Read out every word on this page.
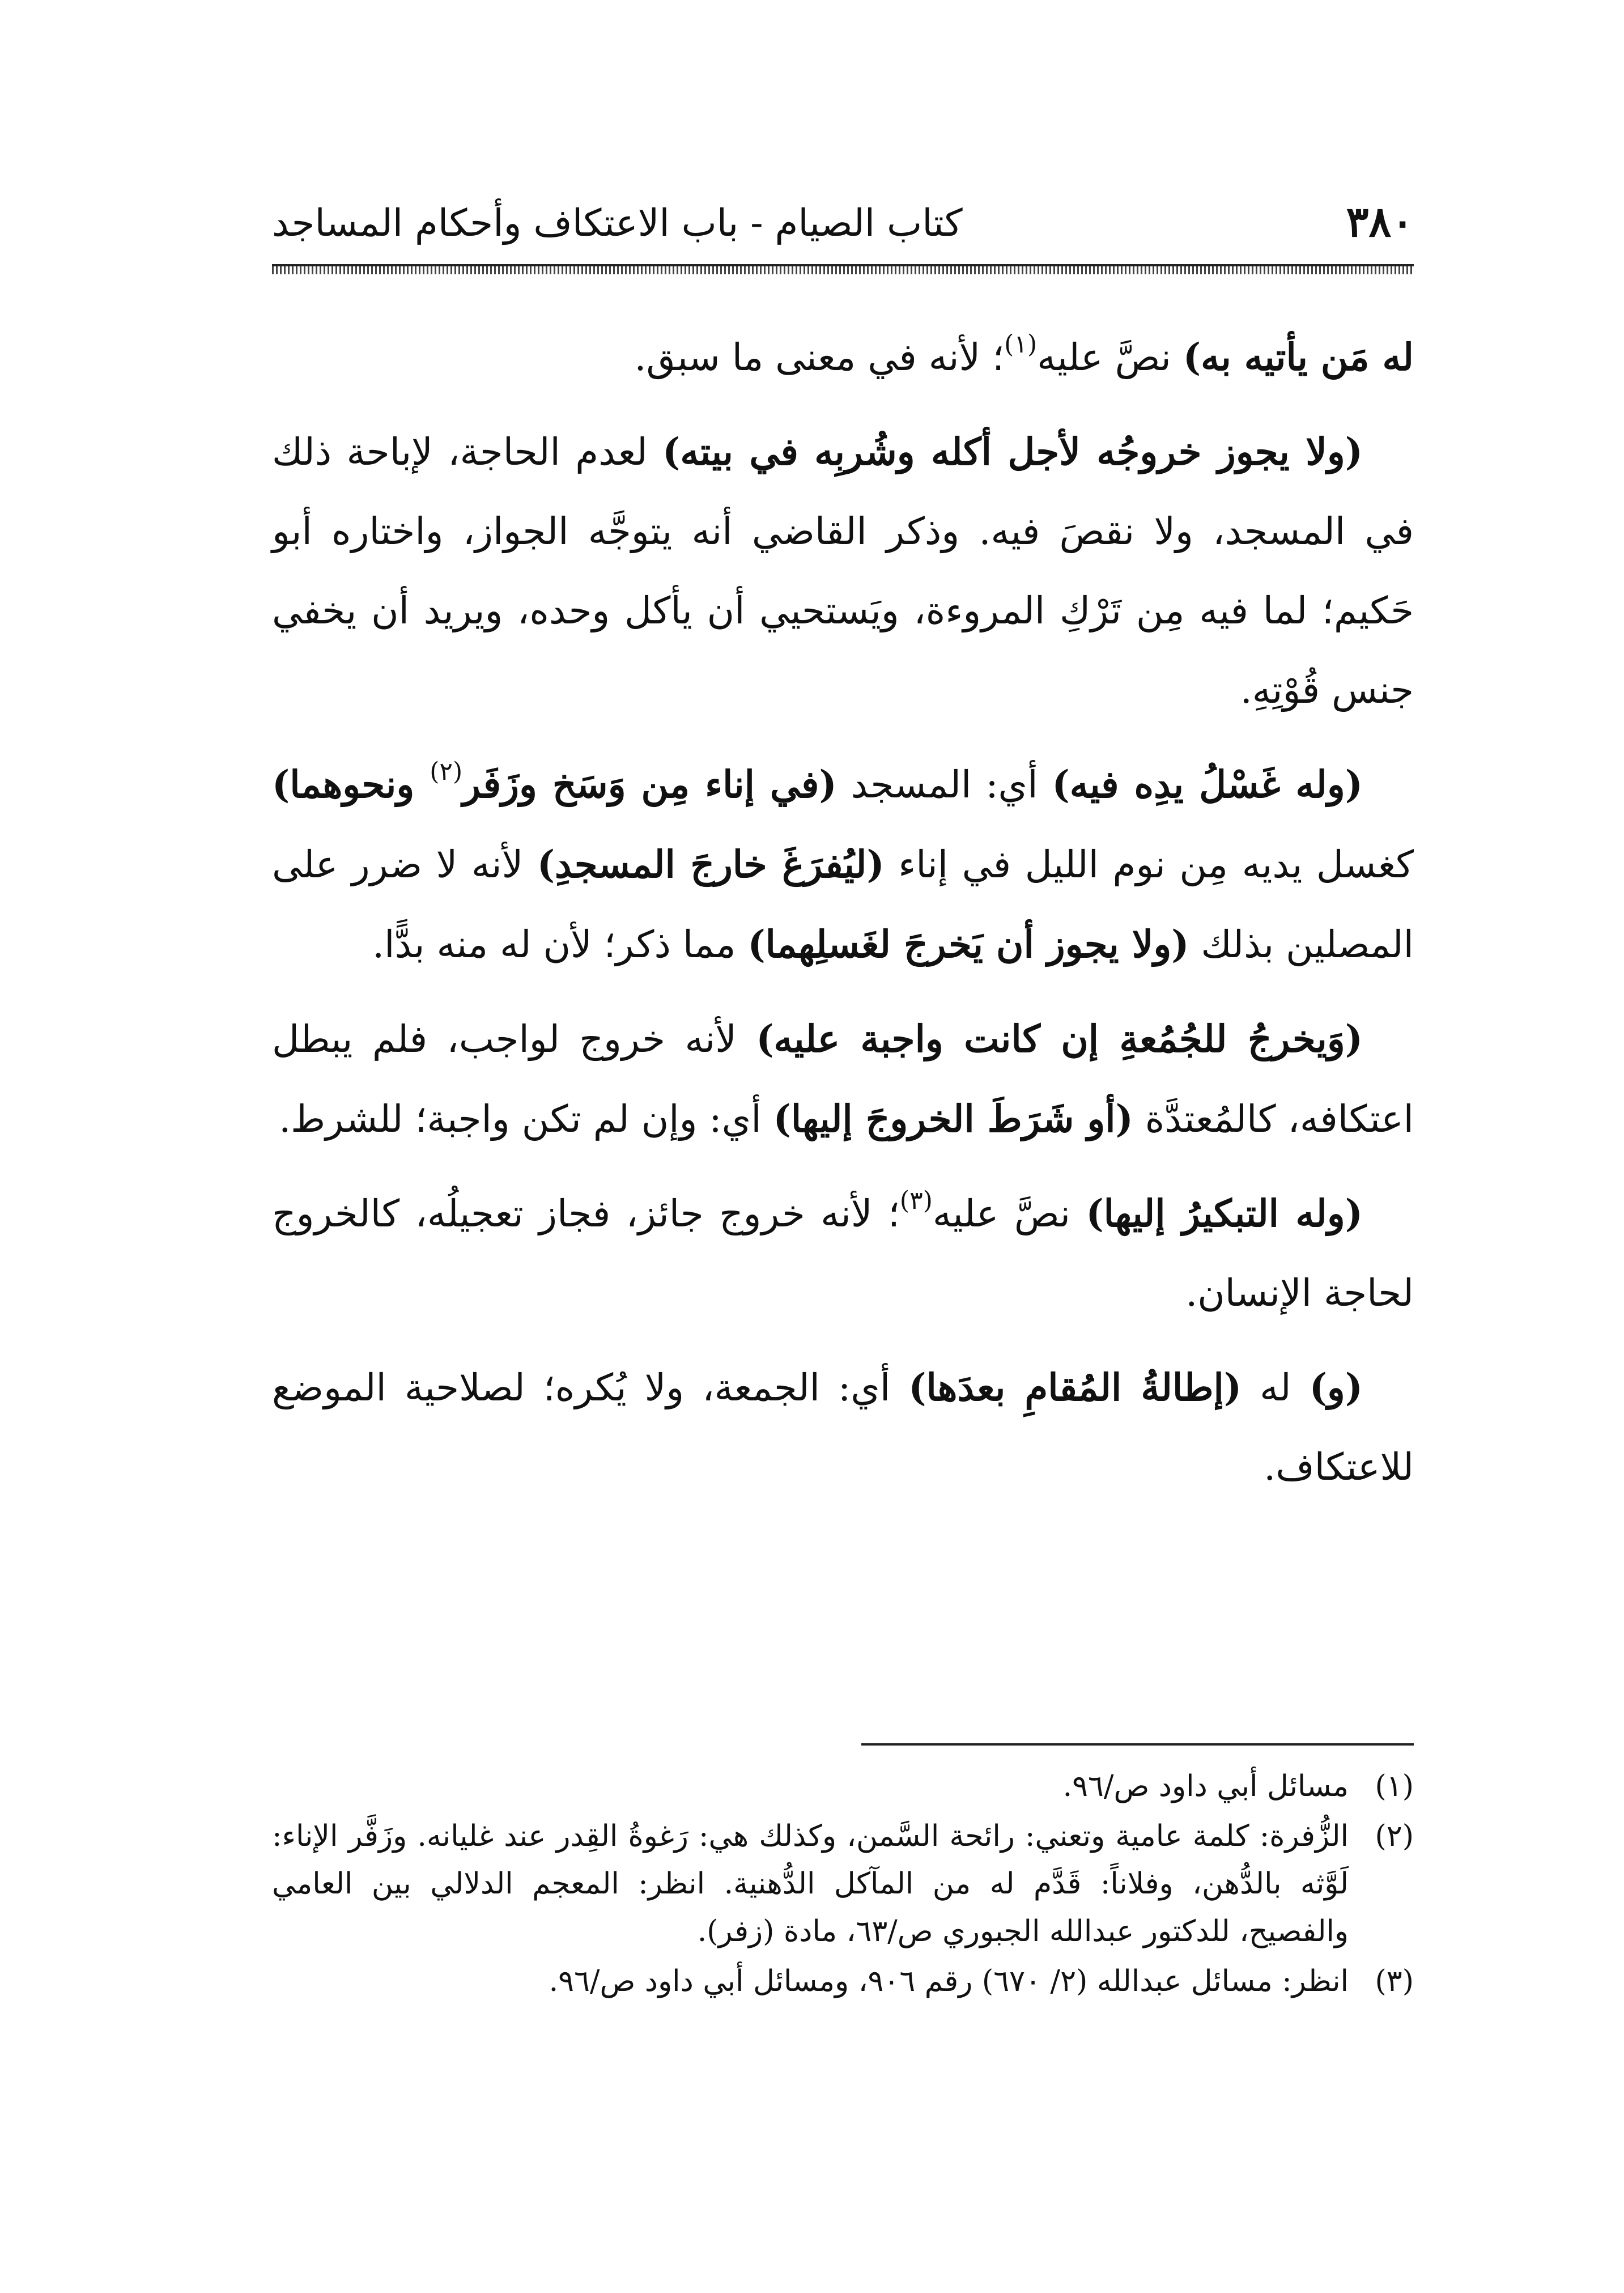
٣٨٠
كتاب الصيام - باب الاعتكاف وأحكام المساجد

له مَن يأتيه به) نصَّ عليه$^{(١)}$؛ لأنه في معنى ما سبق.

(ولا يجوز خروجُه لأجل أكله وشُربِه في بيته) لعدم الحاجة، لإباحة ذلك في المسجد، ولا نقصَ فيه. وذكر القاضي أنه يتوجَّه الجواز، واختاره أبو حَكيم؛ لما فيه مِن تَرْكِ المروءة، ويَستحيي أن يأكل وحده، ويريد أن يخفي جنس قُوْتِهِ.

(وله غَسْلُ يدِه فيه) أي: المسجد (في إناء مِن وَسَخ وزَفَر$^{(٢)}$ ونحوهما) كغسل يديه مِن نوم الليل في إناء (ليُفرَغَ خارجَ المسجدِ) لأنه لا ضرر على المصلين بذلك (ولا يجوز أن يَخرجَ لغَسلِهما) مما ذكر؛ لأن له منه بدًّا.

(وَيخرجُ للجُمُعةِ إن كانت واجبة عليه) لأنه خروج لواجب، فلم يبطل اعتكافه، كالمُعتدَّة (أو شَرَطَ الخروجَ إليها) أي: وإن لم تكن واجبة؛ للشرط.

(وله التبكيرُ إليها) نصَّ عليه$^{(٣)}$؛ لأنه خروج جائز، فجاز تعجيلُه، كالخروج لحاجة الإنسان.

(و) له (إطالةُ المُقامِ بعدَها) أي: الجمعة، ولا يُكره؛ لصلاحية الموضع للاعتكاف.

(١)
مسائل أبي داود ص/٩٦.

(٢)
الزُّفرة: كلمة عامية وتعني: رائحة السَّمن، وكذلك هي: رَغوةُ القِدر عند غليانه. وزَفَّر الإناء: لَوَّثه بالدُّهن، وفلاناً: قَدَّم له من المآكل الدُّهنية. انظر: المعجم الدلالي بين العامي والفصيح، للدكتور عبدالله الجبوري ص/٦٣، مادة (زفر).

(٣)
انظر: مسائل عبدالله (٢/ ٦٧٠) رقم ٩٠٦، ومسائل أبي داود ص/٩٦.
